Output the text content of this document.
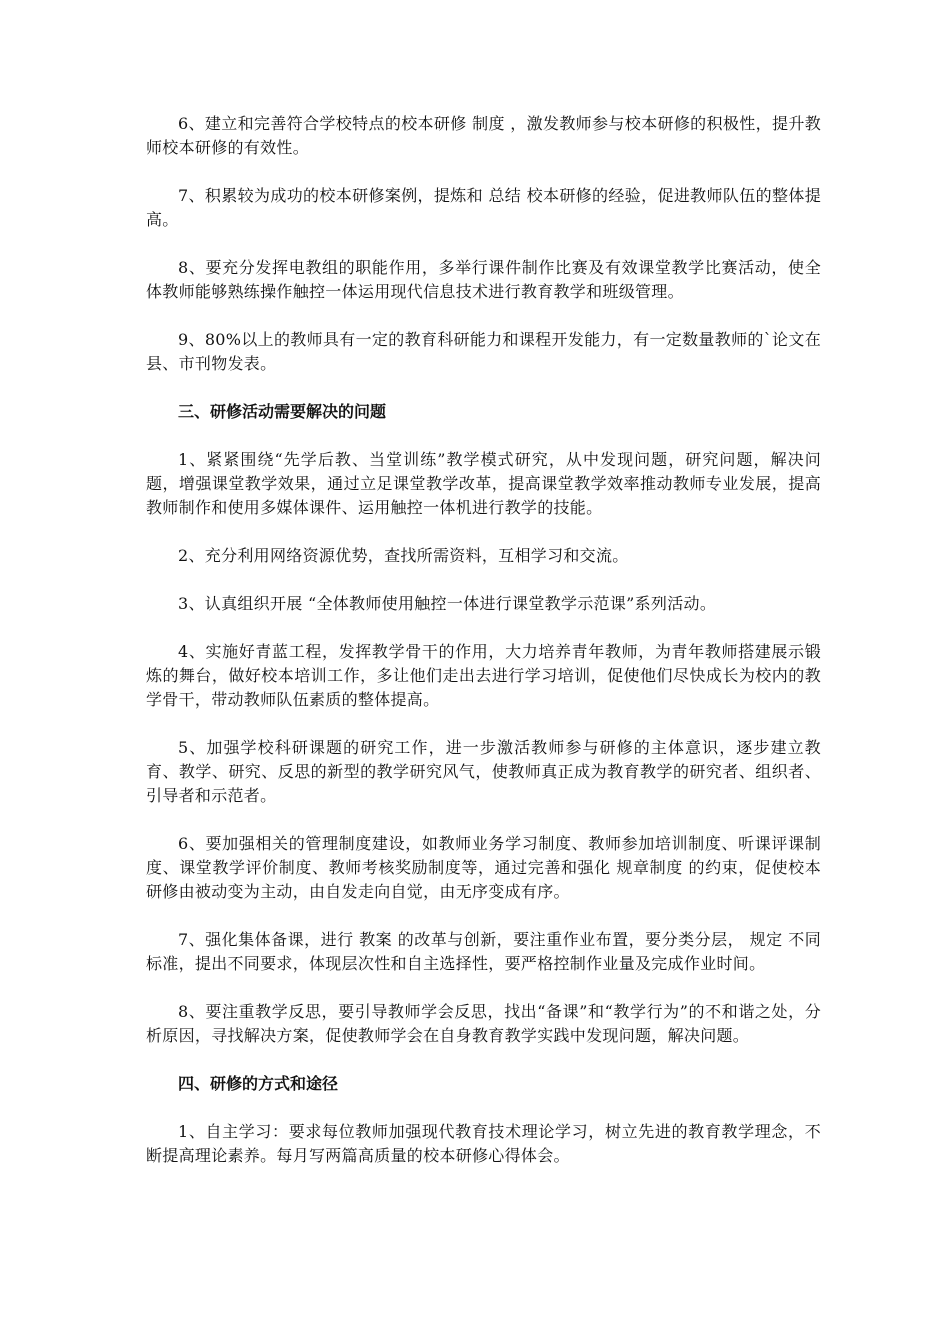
6、建立和完善符合学校特点的校本研修 制度 ，激发教师参与校本研修的积极性，提升教师校本研修的有效性。

7、积累较为成功的校本研修案例，提炼和 总结 校本研修的经验，促进教师队伍的整体提高。

8、要充分发挥电教组的职能作用，多举行课件制作比赛及有效课堂教学比赛活动，使全体教师能够熟练操作触控一体运用现代信息技术进行教育教学和班级管理。

9、80%以上的教师具有一定的教育科研能力和课程开发能力，有一定数量教师的`论文在县、市刊物发表。

三、研修活动需要解决的问题

1、紧紧围绕“先学后教、当堂训练”教学模式研究，从中发现问题，研究问题，解决问题，增强课堂教学效果，通过立足课堂教学改革，提高课堂教学效率推动教师专业发展，提高教师制作和使用多媒体课件、运用触控一体机进行教学的技能。

2、充分利用网络资源优势，查找所需资料，互相学习和交流。

3、认真组织开展 “全体教师使用触控一体进行课堂教学示范课”系列活动。

4、实施好青蓝工程，发挥教学骨干的作用，大力培养青年教师，为青年教师搭建展示锻炼的舞台，做好校本培训工作，多让他们走出去进行学习培训，促使他们尽快成长为校内的教学骨干，带动教师队伍素质的整体提高。

5、加强学校科研课题的研究工作，进一步激活教师参与研修的主体意识，逐步建立教育、教学、研究、反思的新型的教学研究风气，使教师真正成为教育教学的研究者、组织者、引导者和示范者。

6、要加强相关的管理制度建设，如教师业务学习制度、教师参加培训制度、听课评课制度、课堂教学评价制度、教师考核奖励制度等，通过完善和强化 规章制度 的约束，促使校本研修由被动变为主动，由自发走向自觉，由无序变成有序。

7、强化集体备课，进行 教案 的改革与创新，要注重作业布置，要分类分层， 规定 不同标准，提出不同要求，体现层次性和自主选择性，要严格控制作业量及完成作业时间。

8、要注重教学反思，要引导教师学会反思，找出“备课”和“教学行为”的不和谐之处，分析原因，寻找解决方案，促使教师学会在自身教育教学实践中发现问题，解决问题。

四、研修的方式和途径

1、自主学习：要求每位教师加强现代教育技术理论学习，树立先进的教育教学理念，不断提高理论素养。每月写两篇高质量的校本研修心得体会。
